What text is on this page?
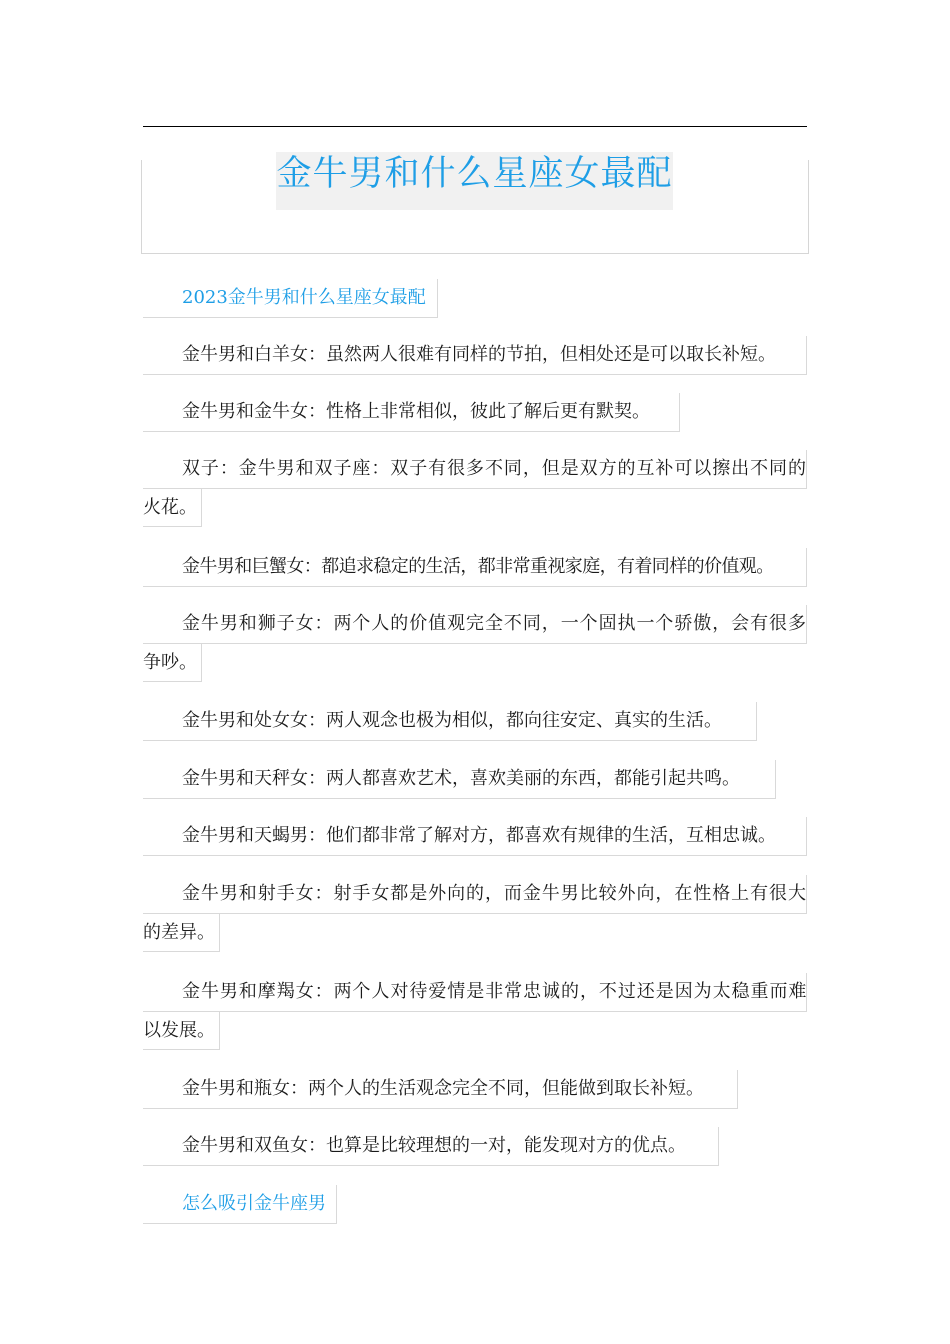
金牛男和什么星座女最配
2023金牛男和什么星座女最配
金牛男和白羊女：虽然两人很难有同样的节拍，但相处还是可以取长补短。
金牛男和金牛女：性格上非常相似，彼此了解后更有默契。
双子：金牛男和双子座：双子有很多不同，但是双方的互补可以擦出不同的
火花。
金牛男和巨蟹女：都追求稳定的生活，都非常重视家庭，有着同样的价值观。
金牛男和狮子女：两个人的价值观完全不同，一个固执一个骄傲，会有很多
争吵。
金牛男和处女女：两人观念也极为相似，都向往安定、真实的生活。
金牛男和天秤女：两人都喜欢艺术，喜欢美丽的东西，都能引起共鸣。
金牛男和天蝎男：他们都非常了解对方，都喜欢有规律的生活，互相忠诚。
金牛男和射手女：射手女都是外向的，而金牛男比较外向，在性格上有很大
的差异。
金牛男和摩羯女：两个人对待爱情是非常忠诚的，不过还是因为太稳重而难
以发展。
金牛男和瓶女：两个人的生活观念完全不同，但能做到取长补短。
金牛男和双鱼女：也算是比较理想的一对，能发现对方的优点。
怎么吸引金牛座男
